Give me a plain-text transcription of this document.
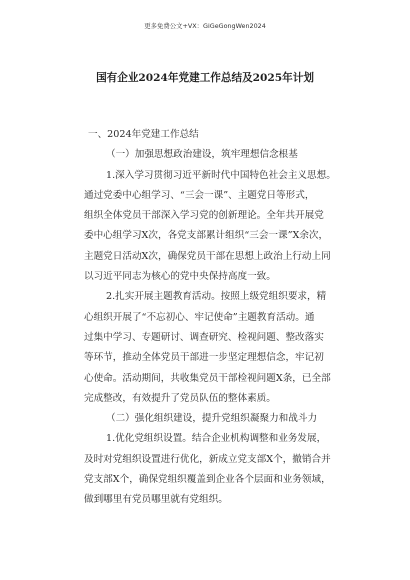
更多免费公文+VX：GiGeGongWen2024
国有企业2024年党建工作总结及2025年计划

一、2024年党建工作总结

（一）加强思想政治建设，筑牢理想信念根基

1.深入学习贯彻习近平新时代中国特色社会主义思想。

通过党委中心组学习、“三会一课”、主题党日等形式，

组织全体党员干部深入学习党的创新理论。全年共开展党

委中心组学习X次，各党支部累计组织“三会一课”X余次，

主题党日活动X次，确保党员干部在思想上政治上行动上同

以习近平同志为核心的党中央保持高度一致。

2.扎实开展主题教育活动。按照上级党组织要求，精

心组织开展了“不忘初心、牢记使命”主题教育活动。通

过集中学习、专题研讨、调查研究、检视问题、整改落实

等环节，推动全体党员干部进一步坚定理想信念，牢记初

心使命。活动期间，共收集党员干部检视问题X条，已全部

完成整改，有效提升了党员队伍的整体素质。

（二）强化组织建设，提升党组织凝聚力和战斗力

1.优化党组织设置。结合企业机构调整和业务发展，

及时对党组织设置进行优化，新成立党支部X个，撤销合并

党支部X个，确保党组织覆盖到企业各个层面和业务领域，

做到哪里有党员哪里就有党组织。
